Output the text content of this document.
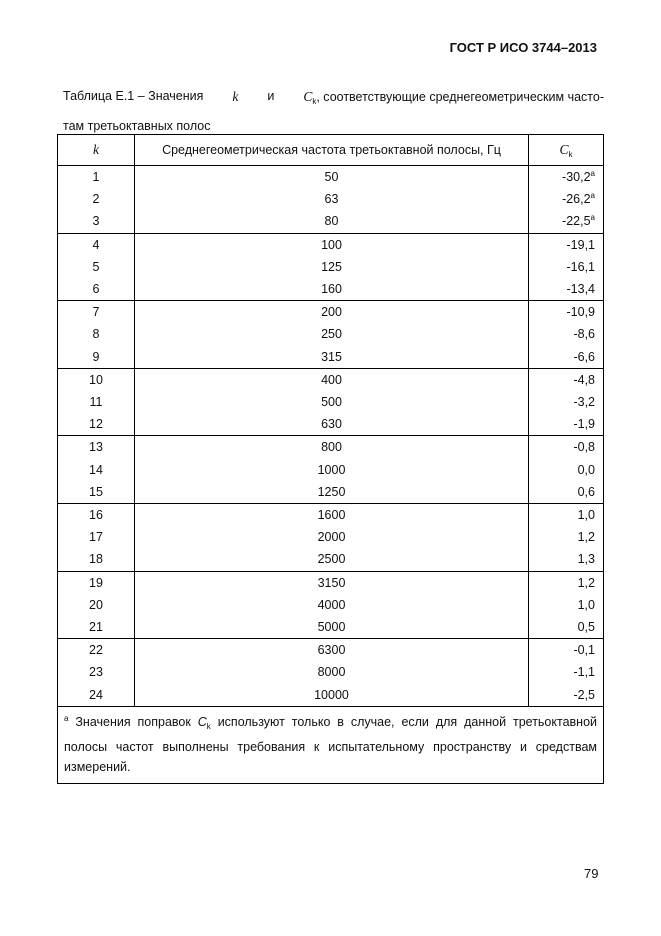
ГОСТ Р ИСО 3744–2013
Таблица Е.1 – Значения k и $C_k$, соответствующие среднегеометрическим часто-
там третьоктавных полос
k	Среднегеометрическая частота третьоктавной полосы, Гц	$C_k$
1	50	$-30,2^а$
2	63	$-26,2^а$
3	80	$-22,5^а$
4	100	-19,1
5	125	-16,1
6	160	-13,4
7	200	-10,9
8	250	-8,6
9	315	-6,6
10	400	-4,8
11	500	-3,2
12	630	-1,9
13	800	-0,8
14	1000	0,0
15	1250	0,6
16	1600	1,0
17	2000	1,2
18	2500	1,3
19	3150	1,2
20	4000	1,0
21	5000	0,5
22	6300	-0,1
23	8000	-1,1
24	10000	-2,5
$^а$ Значения поправок $C_k$ используют только в случае, если для данной третьоктавной полосы частот выполнены требования к испытательному пространству и средствам измерений.		
79
